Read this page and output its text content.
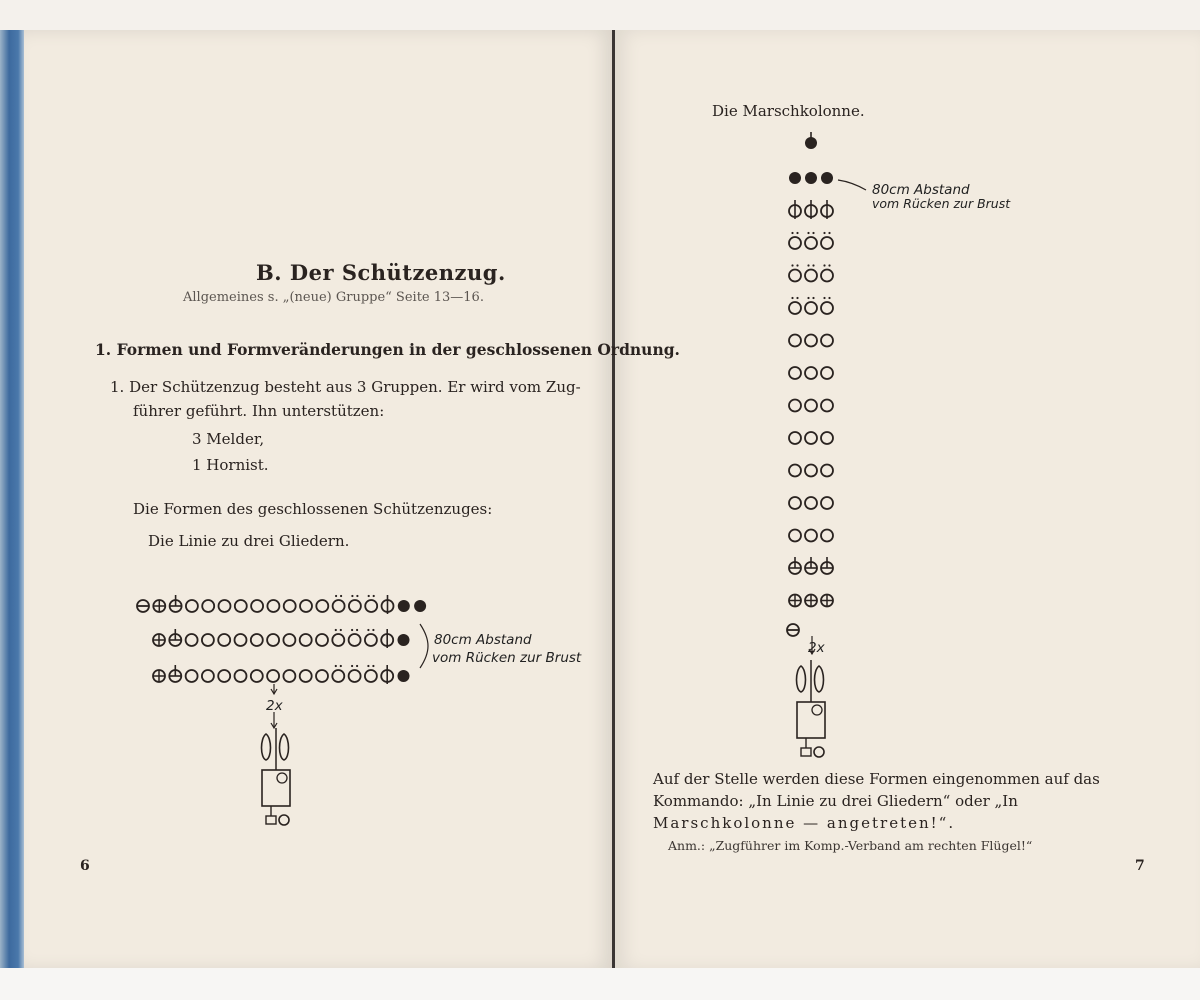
B. Der Schützenzug.
Allgemeines s. „(neue) Gruppe“ Seite 13—16.
1. Formen und Formveränderungen in der geschlossenen Ordnung.
1. Der Schützenzug besteht aus 3 Gruppen. Er wird vom Zug-
führer geführt. Ihn unterstützen:
3 Melder,
1 Hornist.
Die Formen des geschlossenen Schützenzuges:
Die Linie zu drei Gliedern.
80cm Abstand
vom Rücken zur Brust
2x
6
Die Marschkolonne.
80cm Abstand
vom Rücken zur Brust
2x
Auf der Stelle werden diese Formen eingenommen auf das
Kommando: „In Linie zu drei Gliedern“ oder „In
Marschkolonne — angetreten!“.
Anm.: „Zugführer im Komp.-Verband am rechten Flügel!“
7
